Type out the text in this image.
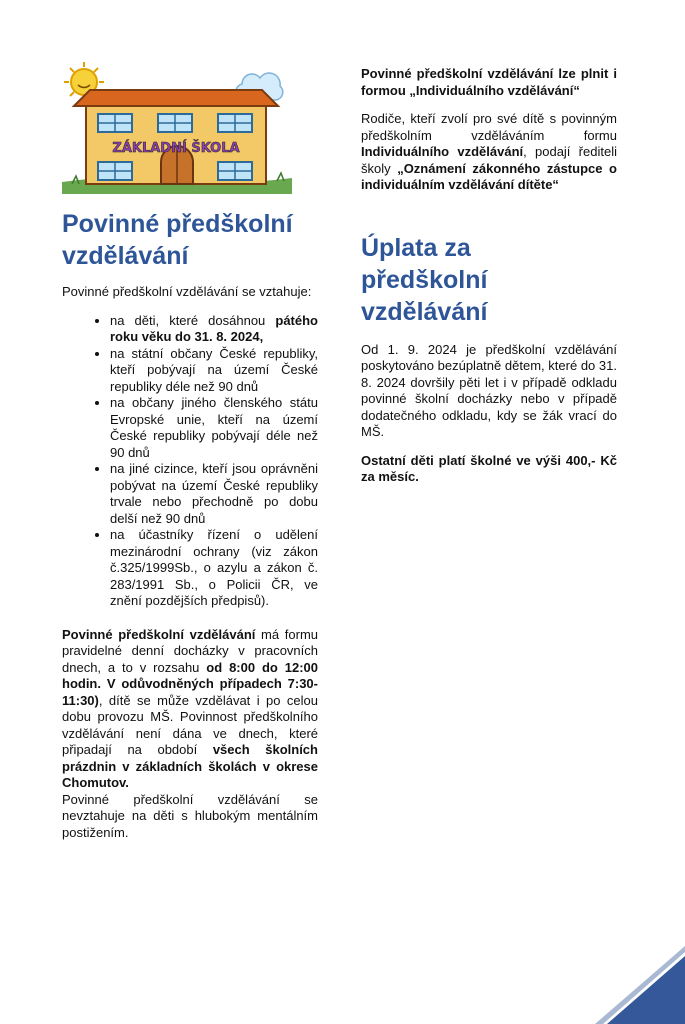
ZÁKLADNÍ ŠKOLA
Povinné předškolní vzdělávání

Povinné předškolní vzdělávání se vztahuje:

• na děti, které dosáhnou pátého roku věku do 31. 8. 2024,
• na státní občany České republiky, kteří pobývají na území České republiky déle než 90 dnů
• na občany jiného členského státu Evropské unie, kteří na území České republiky pobývají déle než 90 dnů
• na jiné cizince, kteří jsou oprávněni pobývat na území České republiky trvale nebo přechodně po dobu delší než 90 dnů
• na účastníky řízení o udělení mezinárodní ochrany (viz zákon č.325/1999Sb., o azylu a zákon č. 283/1991 Sb., o Policii ČR, ve znění pozdějších předpisů).

Povinné předškolní vzdělávání má formu pravidelné denní docházky v pracovních dnech, a to v rozsahu od 8:00 do 12:00 hodin. V odůvodněných případech 7:30-11:30), dítě se může vzdělávat i po celou dobu provozu MŠ. Povinnost předškolního vzdělávání není dána ve dnech, které připadají na období všech školních prázdnin v základních školách v okrese Chomutov.

Povinné předškolní vzdělávání se nevztahuje na děti s hlubokým mentálním postižením.

Povinné předškolní vzdělávání lze plnit i formou „Individuálního vzdělávání“

Rodiče, kteří zvolí pro své dítě s povinným předškolním vzděláváním formu Individuálního vzdělávání, podají řediteli školy „Oznámení zákonného zástupce o individuálním vzdělávání dítěte“

Úplata za předškolní vzdělávání

Od 1. 9. 2024 je předškolní vzdělávání poskytováno bezúplatně dětem, které do 31. 8. 2024 dovršily pěti let i v případě odkladu povinné školní docházky nebo v případě dodatečného odkladu, kdy se žák vrací do MŠ.

Ostatní děti platí školné ve výši 400,- Kč za měsíc.
